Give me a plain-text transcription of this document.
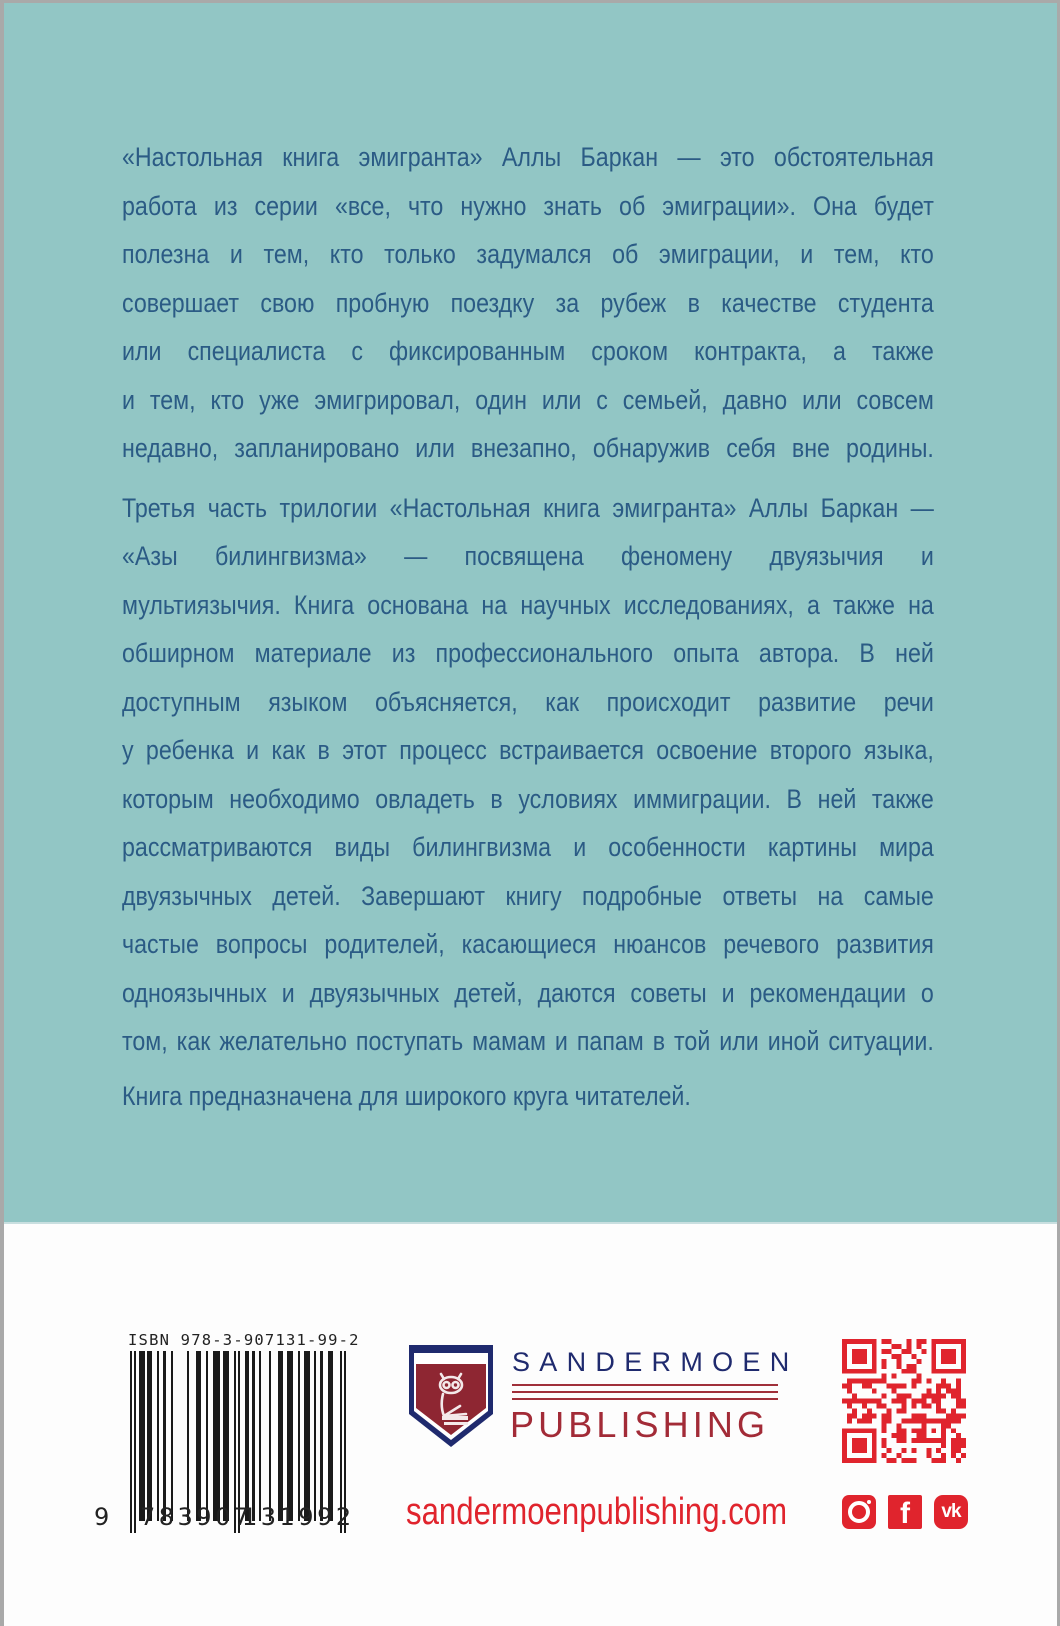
«Настольная книга эмигранта» Аллы Баркан — это обстоятельная
работа из серии «все, что нужно знать об эмиграции». Она будет
полезна и тем, кто только задумался об эмиграции, и тем, кто
совершает свою пробную поездку за рубеж в качестве студента
или специалиста с фиксированным сроком контракта, а также
и тем, кто уже эмигрировал, один или с семьей, давно или совсем
недавно, запланировано или внезапно, обнаружив себя вне родины.
Третья часть трилогии «Настольная книга эмигранта» Аллы Баркан —
«Азы билингвизма» — посвящена феномену двуязычия и
мультиязычия. Книга основана на научных исследованиях, а также на
обширном материале из профессионального опыта автора. В ней
доступным языком объясняется, как происходит развитие речи
у ребенка и как в этот процесс встраивается освоение второго языка,
которым необходимо овладеть в условиях иммиграции. В ней также
рассматриваются виды билингвизма и особенности картины мира
двуязычных детей. Завершают книгу подробные ответы на самые
частые вопросы родителей, касающиеся нюансов речевого развития
одноязычных и двуязычных детей, даются советы и рекомендации о
том, как желательно поступать мамам и папам в той или иной ситуации.
Книга предназначена для широкого круга читателей.
ISBN 978-3-907131-99-2
9 783907
131992
SANDERMOEN
PUBLISHING
sandermoenpublishing.com	f	vk
